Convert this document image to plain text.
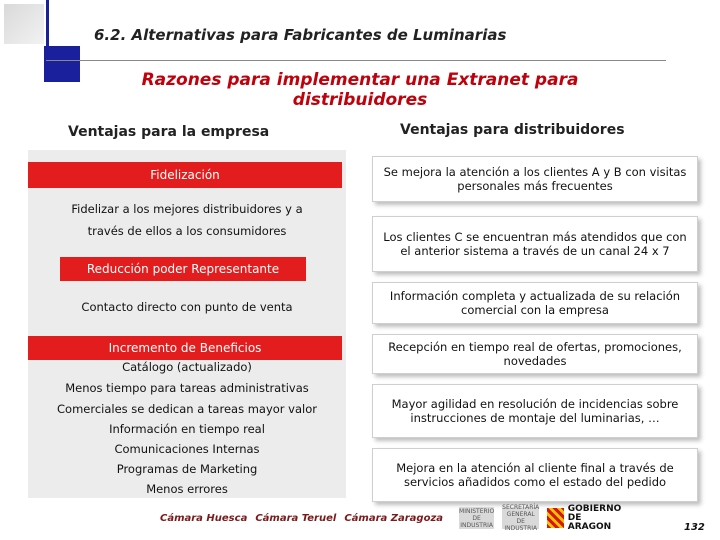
6.2. Alternativas para Fabricantes de Luminarias
Razones para implementar una Extranet para
distribuidores
Ventajas para la empresa	Ventajas para distribuidores
Fidelización
Fidelizar a los mejores distribuidores y a
través de ellos a los consumidores
Reducción poder Representante
Contacto directo con punto de venta
Incremento de Beneficios
Catálogo (actualizado)
Menos tiempo para tareas administrativas
Comerciales se dedican a tareas mayor valor
Información en tiempo real
Comunicaciones Internas
Programas de Marketing
Menos errores
Se mejora la atención a los clientes A y B con visitas personales más frecuentes
Los clientes C se encuentran más atendidos que con el anterior sistema a través de un canal 24 x 7
Información completa y actualizada de su relación comercial con la empresa
Recepción en tiempo real de ofertas, promociones, novedades
Mayor agilidad en resolución de incidencias sobre instrucciones de montaje del luminarias, …
Mejora en la atención al cliente final a través de servicios añadidos como el estado del pedido
Cámara Huesca Cámara Teruel Cámara Zaragoza
MINISTERIO DE INDUSTRIA
SECRETARÍA GENERAL DE INDUSTRIA
GOBIERNO
DE ARAGON	132
